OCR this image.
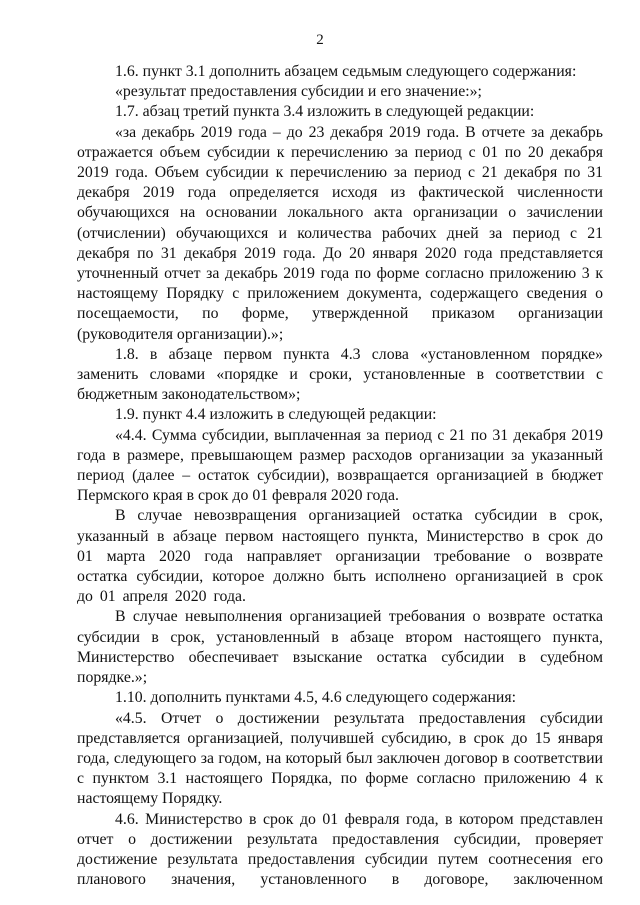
2

1.6. пункт 3.1 дополнить абзацем седьмым следующего содержания:

«результат предоставления субсидии и его значение:»;

1.7. абзац третий пункта 3.4 изложить в следующей редакции:

«за декабрь 2019 года – до 23 декабря 2019 года. В отчете за декабрь отражается объем субсидии к перечислению за период с 01 по 20 декабря 2019 года. Объем субсидии к перечислению за период с 21 декабря по 31 декабря 2019 года определяется исходя из фактической численности обучающихся на основании локального акта организации о зачислении (отчислении) обучающихся и количества рабочих дней за период с 21 декабря по 31 декабря 2019 года. До 20 января 2020 года представляется уточненный отчет за декабрь 2019 года по форме согласно приложению 3 к настоящему Порядку с приложением документа, содержащего сведения о посещаемости, по форме, утвержденной приказом организации (руководителя организации).»;

1.8. в абзаце первом пункта 4.3 слова «установленном порядке» заменить словами «порядке и сроки, установленные в соответствии с бюджетным законодательством»;

1.9. пункт 4.4 изложить в следующей редакции:

«4.4. Сумма субсидии, выплаченная за период с 21 по 31 декабря 2019 года в размере, превышающем размер расходов организации за указанный период (далее – остаток субсидии), возвращается организацией в бюджет Пермского края в срок до 01 февраля 2020 года.

В случае невозвращения организацией остатка субсидии в срок, указанный в абзаце первом настоящего пункта, Министерство в срок до 01 марта 2020 года направляет организации требование о возврате остатка субсидии, которое должно быть исполнено организацией в срок до 01 апреля 2020 года.

В случае невыполнения организацией требования о возврате остатка субсидии в срок, установленный в абзаце втором настоящего пункта, Министерство обеспечивает взыскание остатка субсидии в судебном порядке.»;

1.10. дополнить пунктами 4.5, 4.6 следующего содержания:

«4.5. Отчет о достижении результата предоставления субсидии представляется организацией, получившей субсидию, в срок до 15 января года, следующего за годом, на который был заключен договор в соответствии с пунктом 3.1 настоящего Порядка, по форме согласно приложению 4 к настоящему Порядку.

4.6. Министерство в срок до 01 февраля года, в котором представлен отчет о достижении результата предоставления субсидии, проверяет достижение результата предоставления субсидии путем соотнесения его планового значения, установленного в договоре, заключенном
